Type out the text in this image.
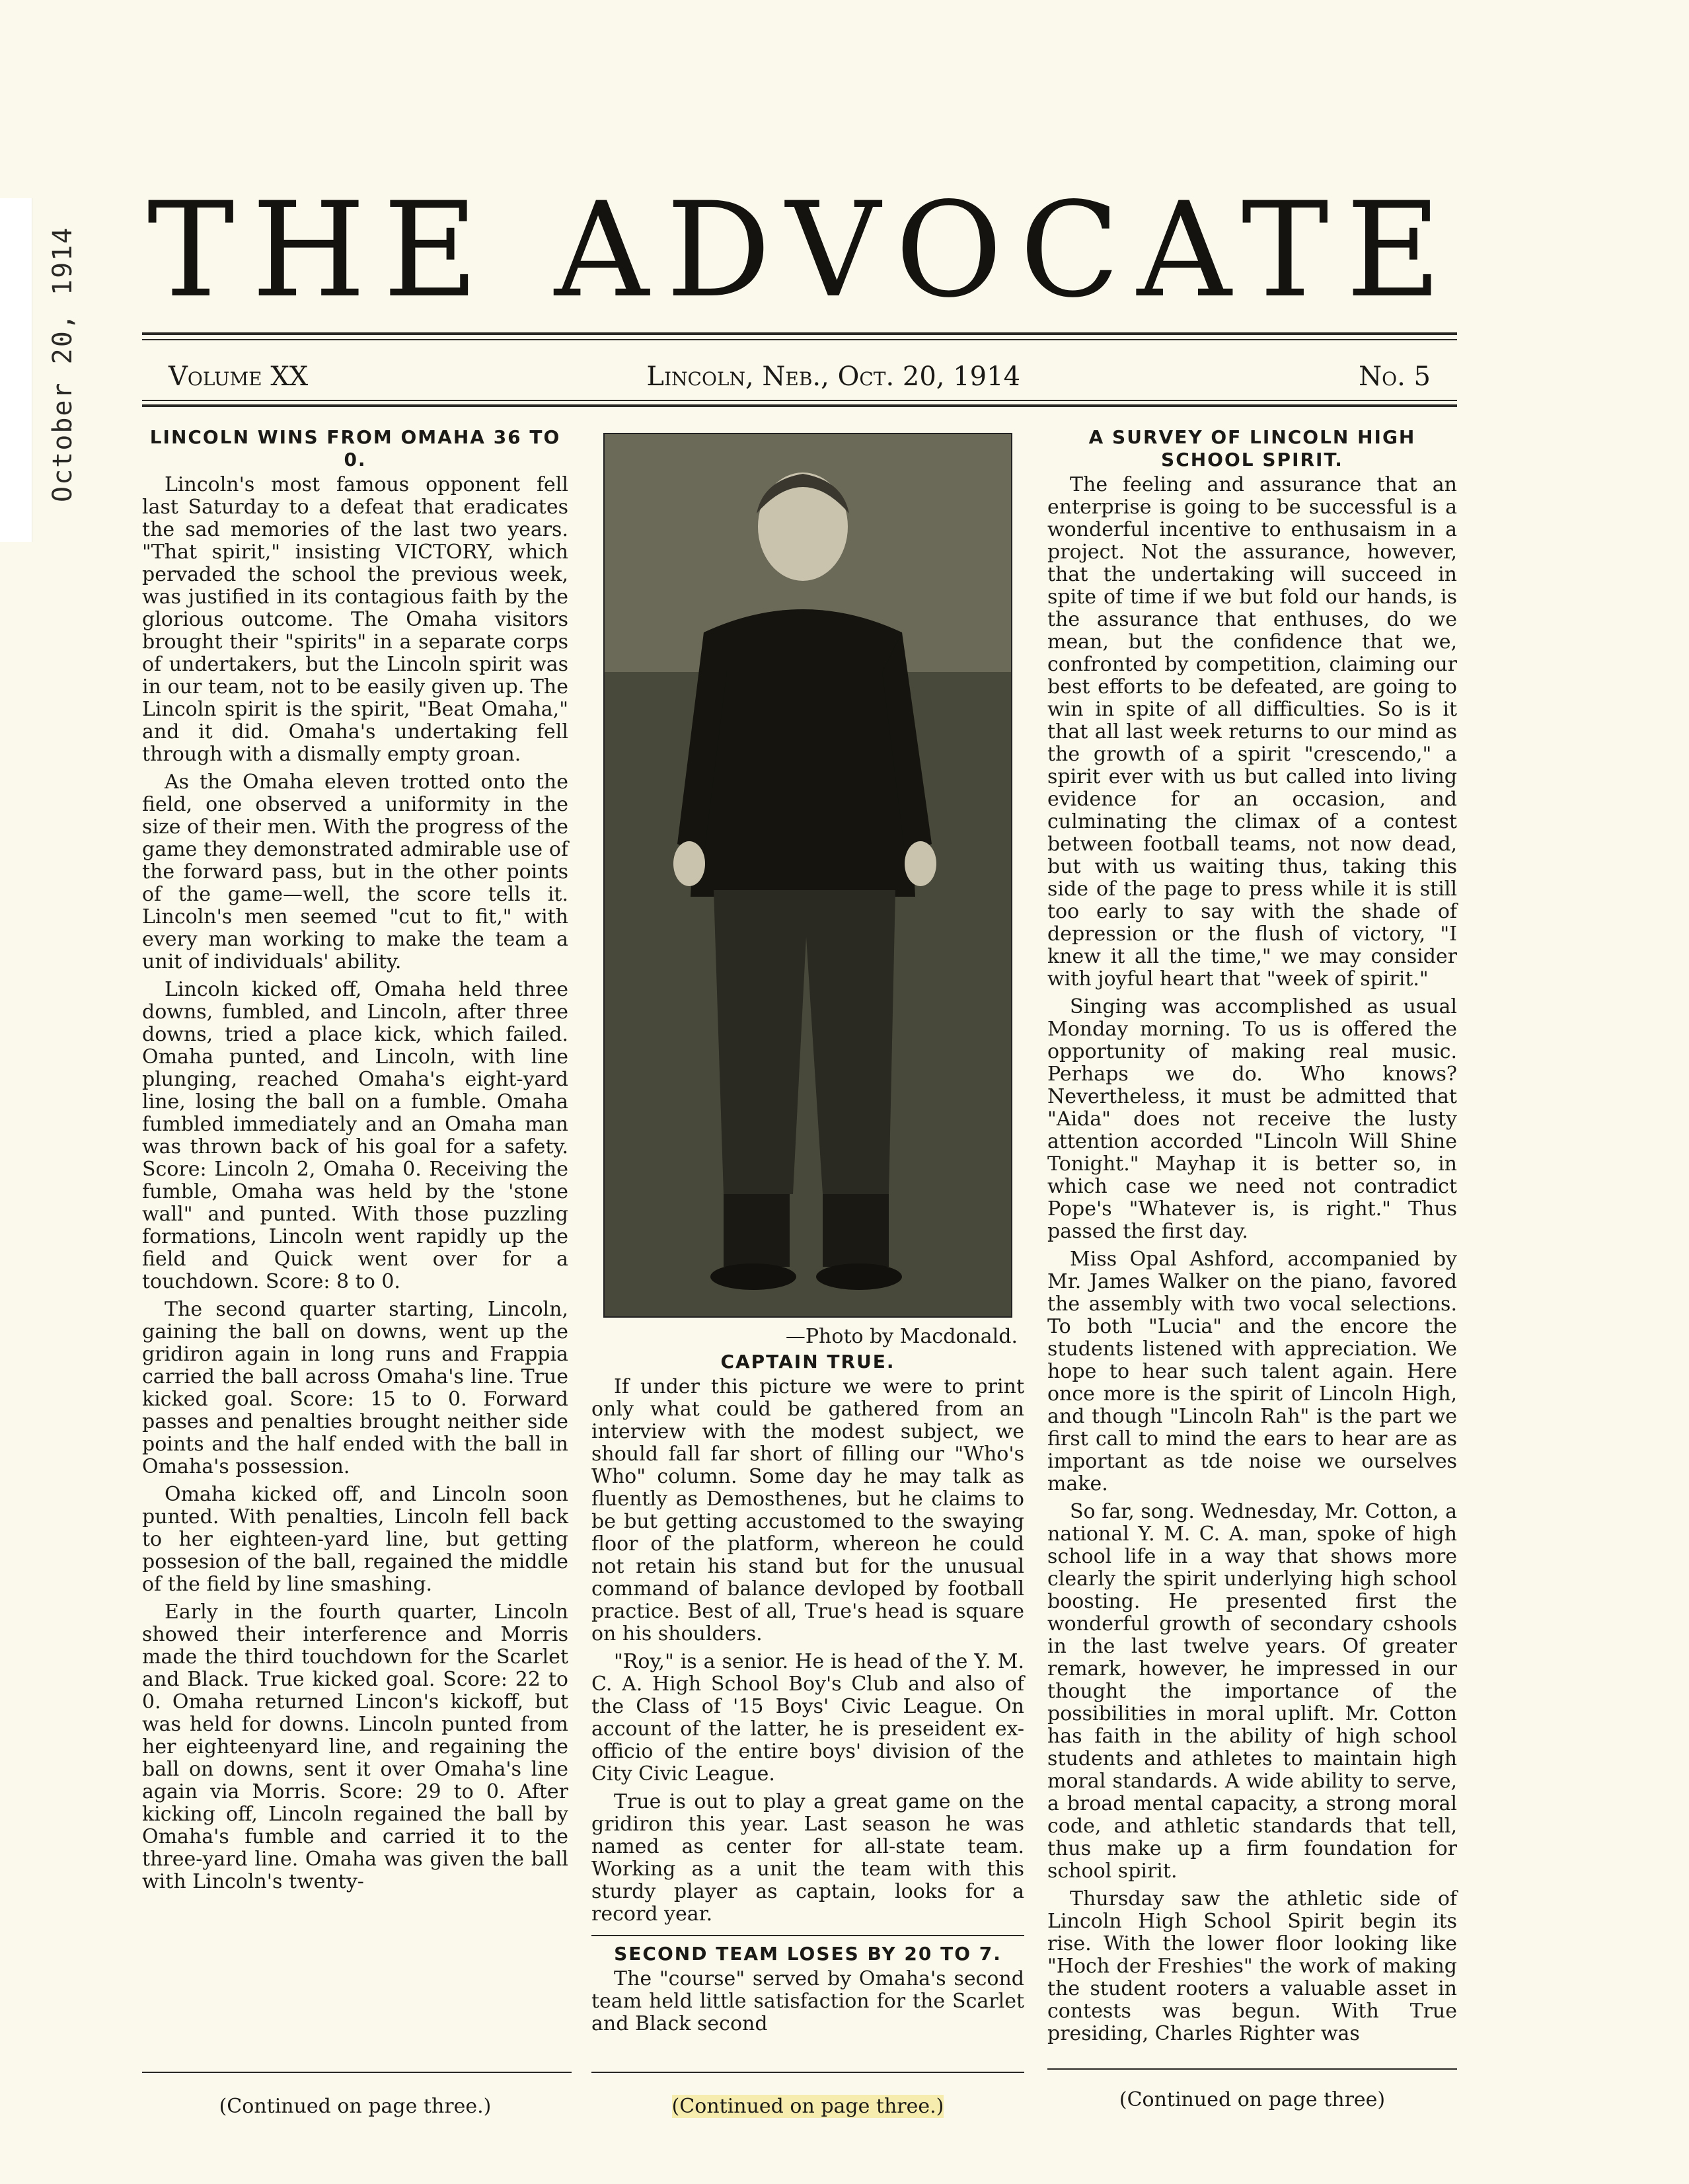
October 20, 1914 THE ADVOCATE
Volume XX	Lincoln, Neb., Oct. 20, 1914	No. 5
LINCOLN WINS FROM OMAHA 36 TO 0.

Lincoln's most famous opponent fell last Saturday to a defeat that eradicates the sad memories of the last two years. "That spirit," insisting VICTORY, which pervaded the school the previous week, was justified in its contagious faith by the glorious outcome. The Omaha visitors brought their "spirits" in a separate corps of undertakers, but the Lincoln spirit was in our team, not to be easily given up. The Lincoln spirit is the spirit, "Beat Omaha," and it did. Omaha's undertaking fell through with a dismally empty groan.

As the Omaha eleven trotted onto the field, one observed a uniformity in the size of their men. With the progress of the game they demonstrated admirable use of the forward pass, but in the other points of the game—well, the score tells it. Lincoln's men seemed "cut to fit," with every man working to make the team a unit of individuals' ability.

Lincoln kicked off, Omaha held three downs, fumbled, and Lincoln, after three downs, tried a place kick, which failed. Omaha punted, and Lincoln, with line plunging, reached Omaha's eight-yard line, losing the ball on a fumble. Omaha fumbled immediately and an Omaha man was thrown back of his goal for a safety. Score: Lincoln 2, Omaha 0. Receiving the fumble, Omaha was held by the 'stone wall" and punted. With those puzzling formations, Lincoln went rapidly up the field and Quick went over for a touchdown. Score: 8 to 0.

The second quarter starting, Lincoln, gaining the ball on downs, went up the gridiron again in long runs and Frappia carried the ball across Omaha's line. True kicked goal. Score: 15 to 0. Forward passes and penalties brought neither side points and the half ended with the ball in Omaha's possession.

Omaha kicked off, and Lincoln soon punted. With penalties, Lincoln fell back to her eighteen-yard line, but getting possesion of the ball, regained the middle of the field by line smashing.

Early in the fourth quarter, Lincoln showed their interference and Morris made the third touchdown for the Scarlet and Black. True kicked goal. Score: 22 to 0. Omaha returned Lincon's kickoff, but was held for downs. Lincoln punted from her eighteenyard line, and regaining the ball on downs, sent it over Omaha's line again via Morris. Score: 29 to 0. After kicking off, Lincoln regained the ball by Omaha's fumble and carried it to the three-yard line. Omaha was given the ball with Lincoln's twenty-

—Photo by Macdonald.
CAPTAIN TRUE.

If under this picture we were to print only what could be gathered from an interview with the modest subject, we should fall far short of filling our "Who's Who" column. Some day he may talk as fluently as Demosthenes, but he claims to be but getting accustomed to the swaying floor of the platform, whereon he could not retain his stand but for the unusual command of balance devloped by football practice. Best of all, True's head is square on his shoulders.

"Roy," is a senior. He is head of the Y. M. C. A. High School Boy's Club and also of the Class of '15 Boys' Civic League. On account of the latter, he is preseident ex-officio of the entire boys' division of the City Civic League.

True is out to play a great game on the gridiron this year. Last season he was named as center for all-state team. Working as a unit the team with this sturdy player as captain, looks for a record year.

SECOND TEAM LOSES BY 20 TO 7.

The "course" served by Omaha's second team held little satisfaction for the Scarlet and Black second

A SURVEY OF LINCOLN HIGH SCHOOL SPIRIT.

The feeling and assurance that an enterprise is going to be successful is a wonderful incentive to enthusaism in a project. Not the assurance, however, that the undertaking will succeed in spite of time if we but fold our hands, is the assurance that enthuses, do we mean, but the confidence that we, confronted by competition, claiming our best efforts to be defeated, are going to win in spite of all difficulties. So is it that all last week returns to our mind as the growth of a spirit "crescendo," a spirit ever with us but called into living evidence for an occasion, and culminating the climax of a contest between football teams, not now dead, but with us waiting thus, taking this side of the page to press while it is still too early to say with the shade of depression or the flush of victory, "I knew it all the time," we may consider with joyful heart that "week of spirit."

Singing was accomplished as usual Monday morning. To us is offered the opportunity of making real music. Perhaps we do. Who knows? Nevertheless, it must be admitted that "Aida" does not receive the lusty attention accorded "Lincoln Will Shine Tonight." Mayhap it is better so, in which case we need not contradict Pope's "Whatever is, is right." Thus passed the first day.

Miss Opal Ashford, accompanied by Mr. James Walker on the piano, favored the assembly with two vocal selections. To both "Lucia" and the encore the students listened with appreciation. We hope to hear such talent again. Here once more is the spirit of Lincoln High, and though "Lincoln Rah" is the part we first call to mind the ears to hear are as important as tde noise we ourselves make.

So far, song. Wednesday, Mr. Cotton, a national Y. M. C. A. man, spoke of high school life in a way that shows more clearly the spirit underlying high school boosting. He presented first the wonderful growth of secondary cshools in the last twelve years. Of greater remark, however, he impressed in our thought the importance of the possibilities in moral uplift. Mr. Cotton has faith in the ability of high school students and athletes to maintain high moral standards. A wide ability to serve, a broad mental capacity, a strong moral code, and athletic standards that tell, thus make up a firm foundation for school spirit.

Thursday saw the athletic side of Lincoln High School Spirit begin its rise. With the lower floor looking like "Hoch der Freshies" the work of making the student rooters a valuable asset in contests was begun. With True presiding, Charles Righter was

(Continued on page three.)	(Continued on page three.)	(Continued on page three)
